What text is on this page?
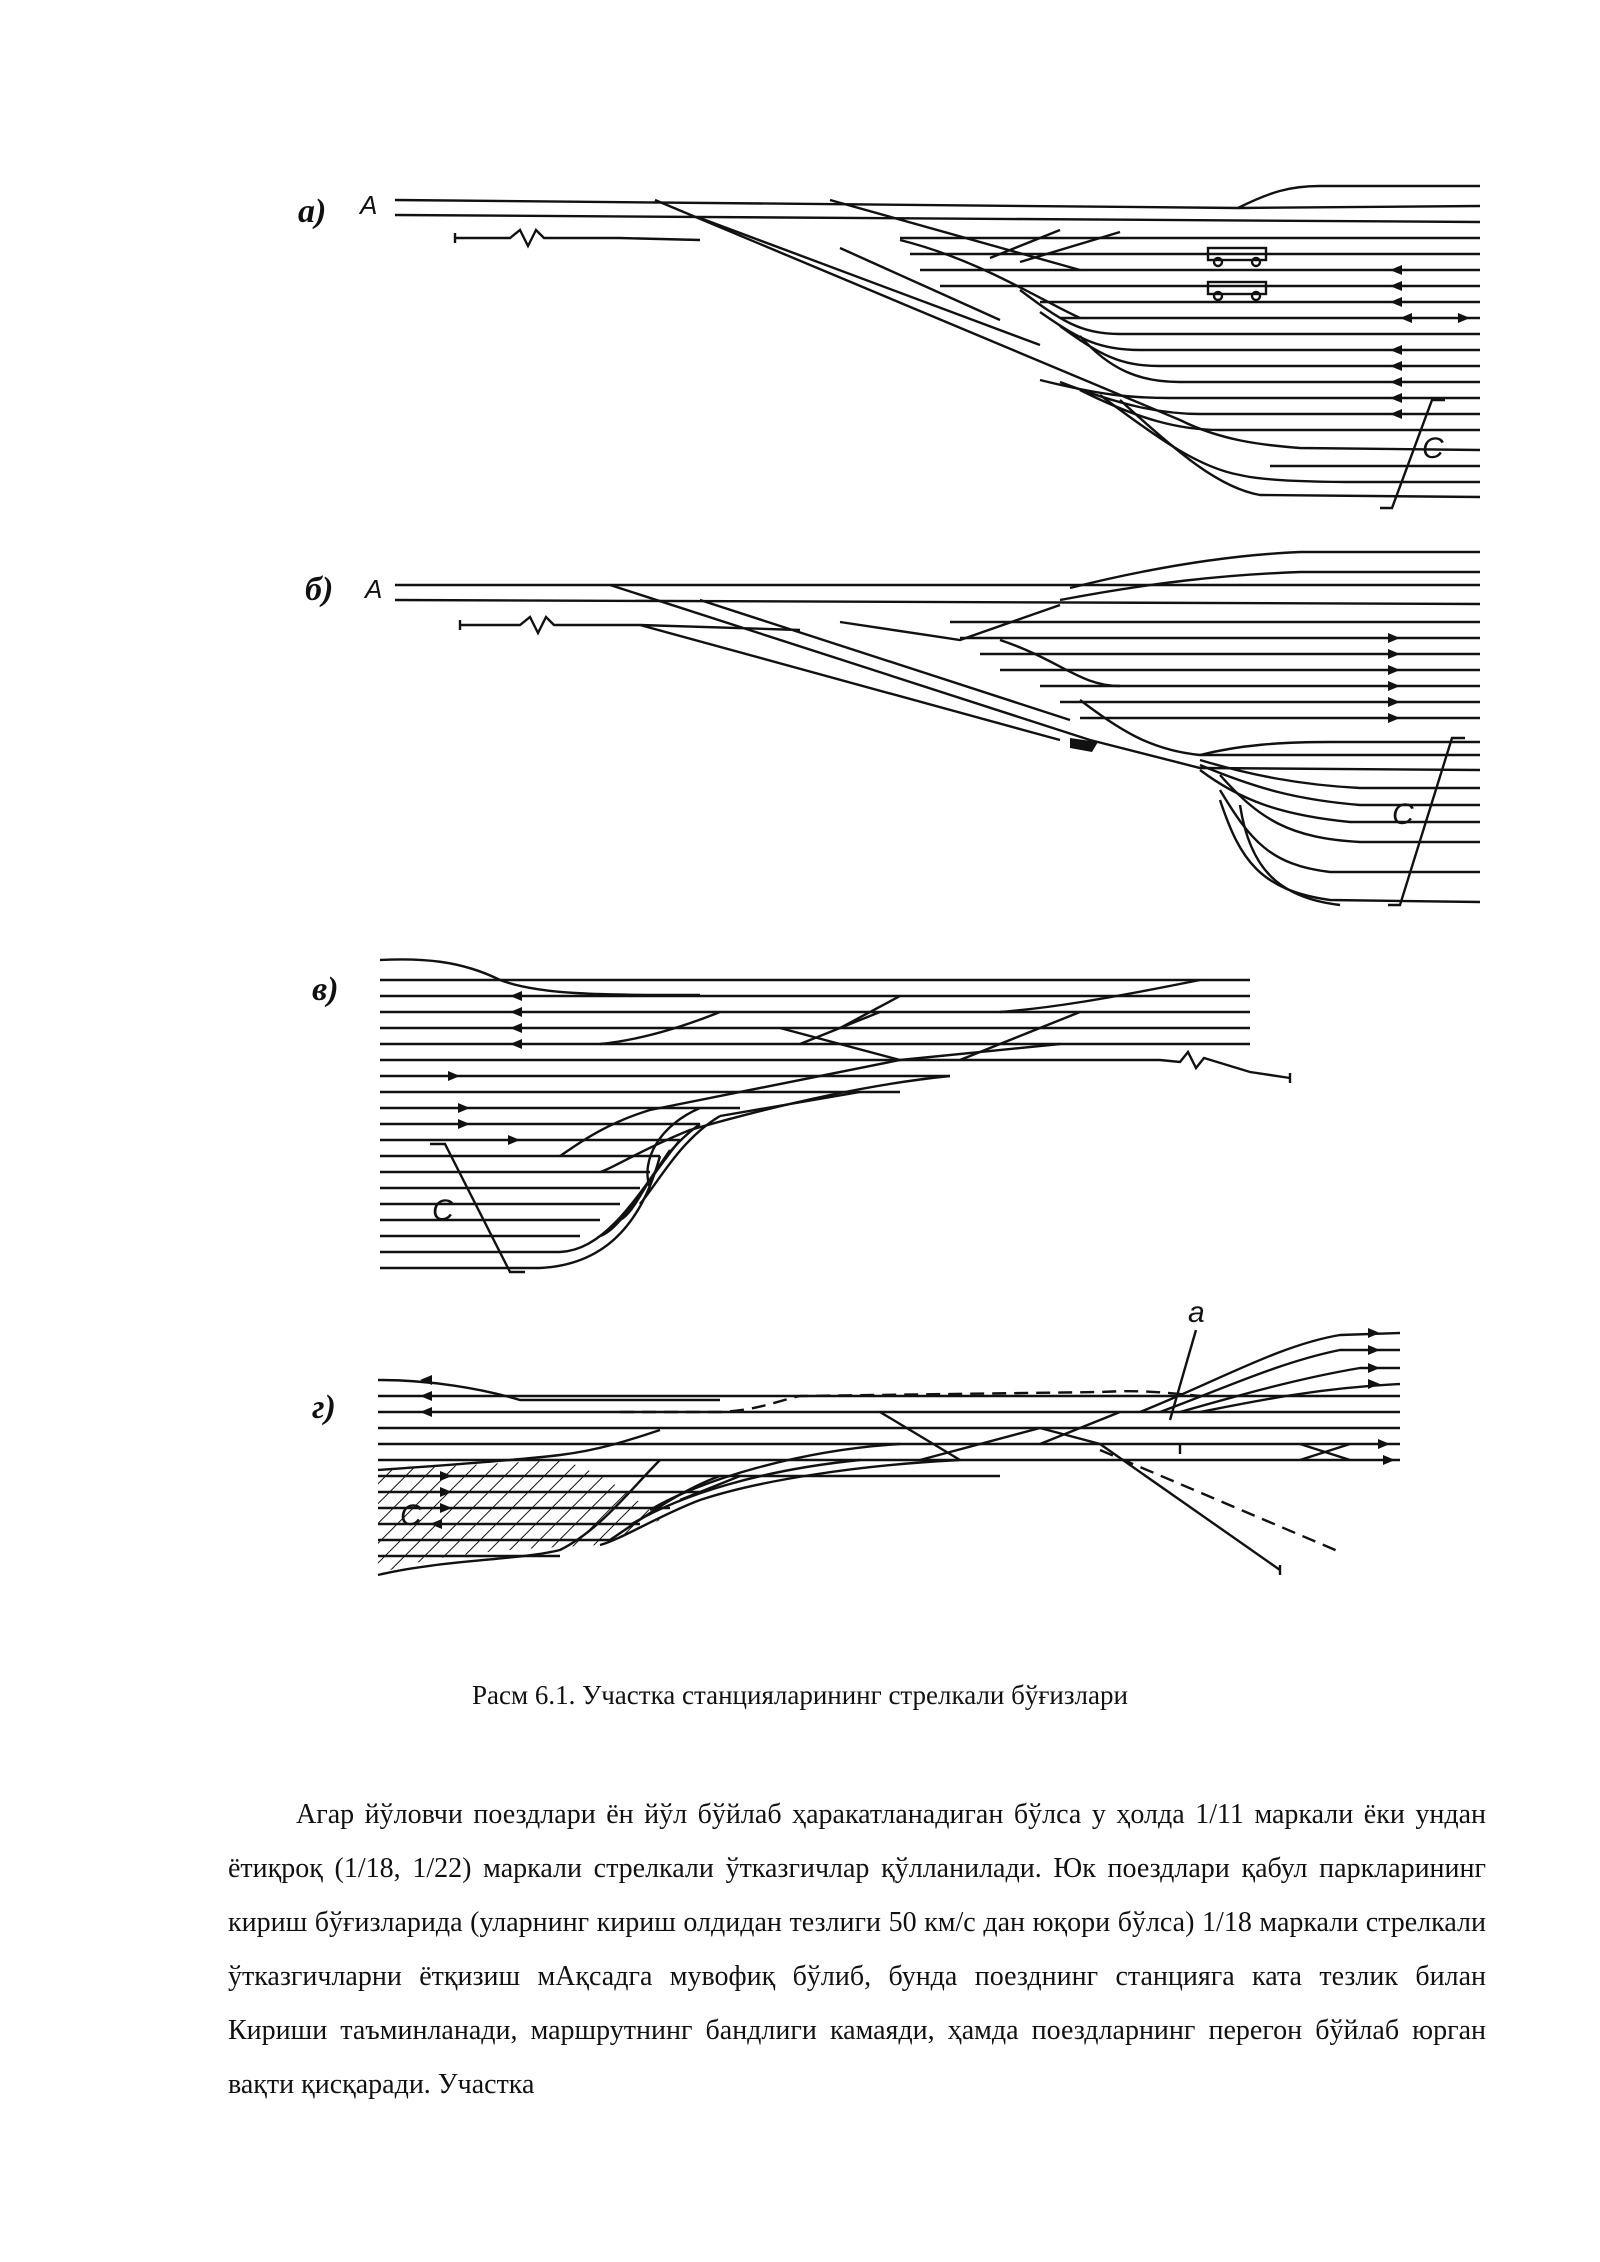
а) А
С
б) А
С
в)
С
г)
а
С
Расм 6.1. Участка станцияларининг стрелкали бўғизлари

Агар йўловчи поездлари ён йўл бўйлаб ҳаракатланадиган бўлса у ҳолда 1/11 маркали ёки ундан ётиқроқ (1/18, 1/22) маркали стрелкали ўтказгичлар қўлланилади. Юк поездлари қабул паркларининг кириш бўғизларида (уларнинг кириш олдидан тезлиги 50 км/с дан юқори бўлса) 1/18 маркали стрелкали ўтказгичларни ётқизиш мАқсадга мувофиқ бўлиб, бунда поезднинг станцияга ката тезлик билан Кириши таъминланади, маршрутнинг бандлиги камаяди, ҳамда поездларнинг перегон бўйлаб юрган вақти қисқаради. Участка
